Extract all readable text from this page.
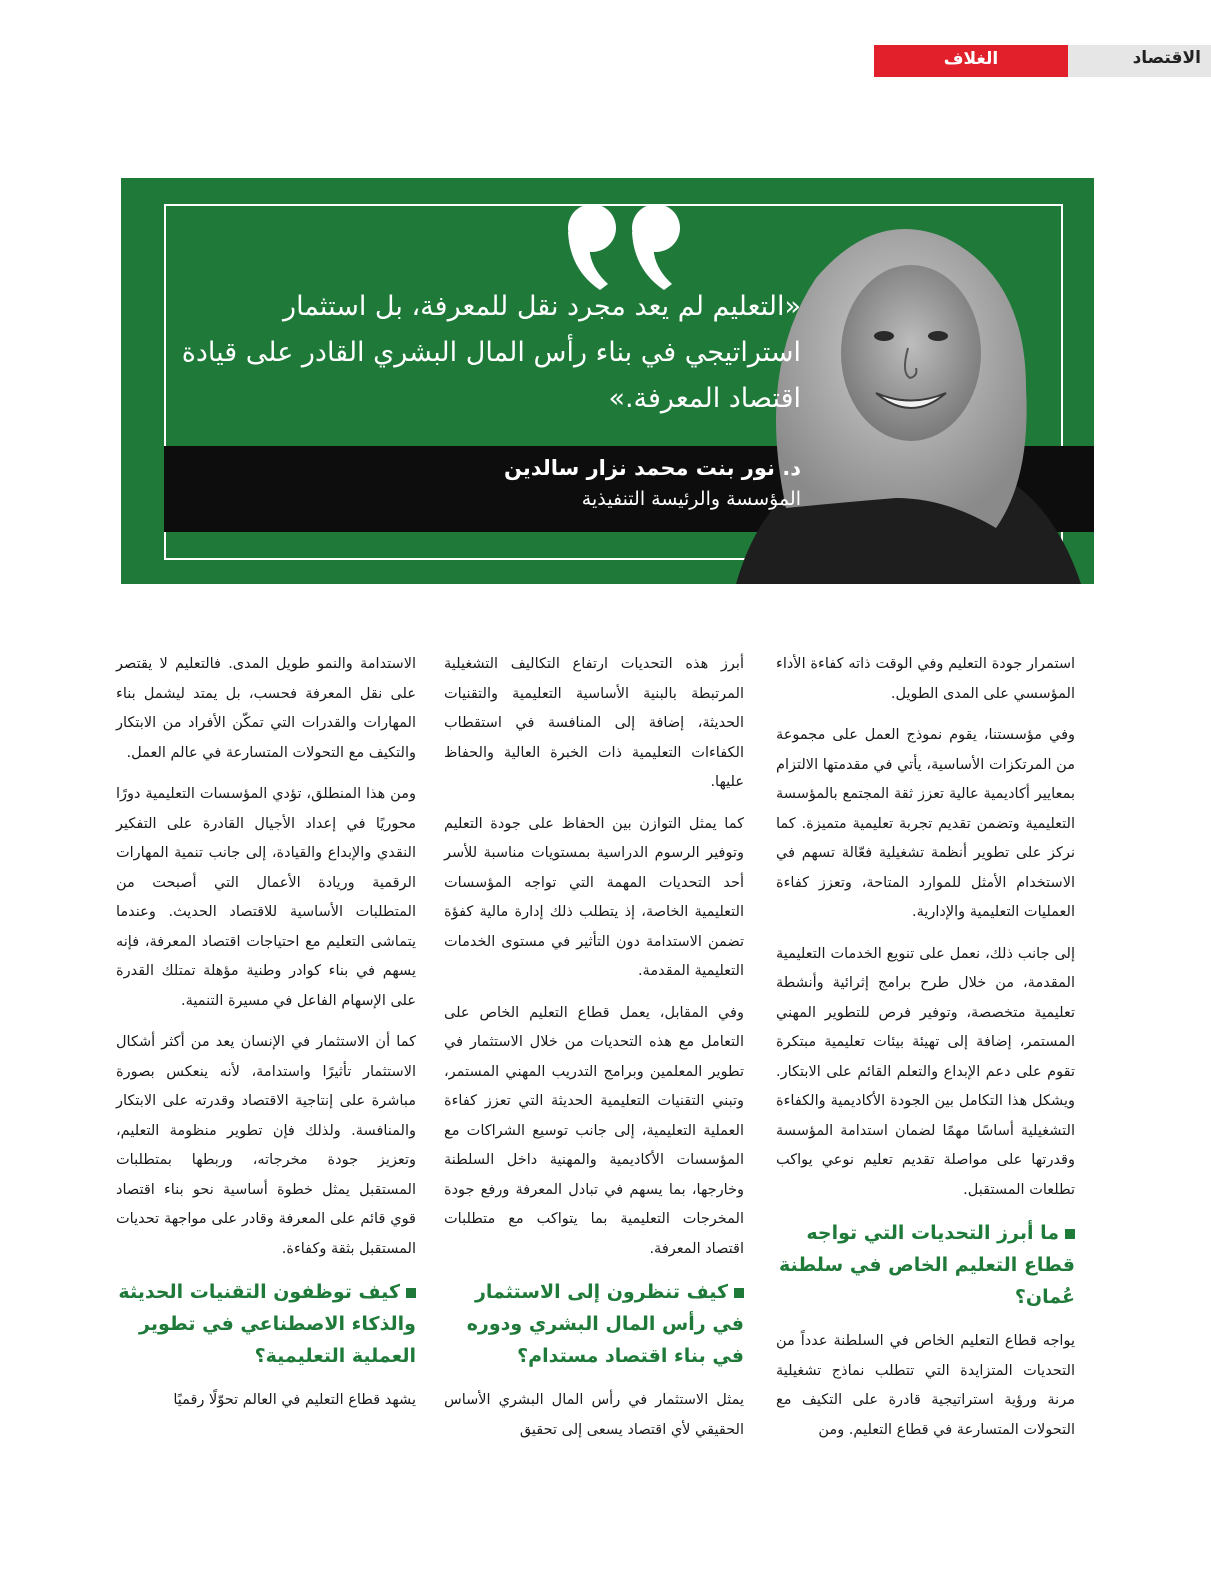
الغلاف	الاقتصاد
«التعليم لم يعد مجرد نقل للمعرفة، بل استثمار استراتيجي في بناء رأس المال البشري القادر على قيادة اقتصاد المعرفة.»
د. نور بنت محمد نزار سالدين
المؤسسة والرئيسة التنفيذية

استمرار جودة التعليم وفي الوقت ذاته كفاءة الأداء المؤسسي على المدى الطويل.

وفي مؤسستنا، يقوم نموذج العمل على مجموعة من المرتكزات الأساسية، يأتي في مقدمتها الالتزام بمعايير أكاديمية عالية تعزز ثقة المجتمع بالمؤسسة التعليمية وتضمن تقديم تجربة تعليمية متميزة. كما نركز على تطوير أنظمة تشغيلية فعّالة تسهم في الاستخدام الأمثل للموارد المتاحة، وتعزز كفاءة العمليات التعليمية والإدارية.

إلى جانب ذلك، نعمل على تنويع الخدمات التعليمية المقدمة، من خلال طرح برامج إثرائية وأنشطة تعليمية متخصصة، وتوفير فرص للتطوير المهني المستمر، إضافة إلى تهيئة بيئات تعليمية مبتكرة تقوم على دعم الإبداع والتعلم القائم على الابتكار. ويشكل هذا التكامل بين الجودة الأكاديمية والكفاءة التشغيلية أساسًا مهمًا لضمان استدامة المؤسسة وقدرتها على مواصلة تقديم تعليم نوعي يواكب تطلعات المستقبل.

ما أبرز التحديات التي تواجه قطاع التعليم الخاص في سلطنة عُمان؟

يواجه قطاع التعليم الخاص في السلطنة عدداً من التحديات المتزايدة التي تتطلب نماذج تشغيلية مرنة ورؤية استراتيجية قادرة على التكيف مع التحولات المتسارعة في قطاع التعليم. ومن

أبرز هذه التحديات ارتفاع التكاليف التشغيلية المرتبطة بالبنية الأساسية التعليمية والتقنيات الحديثة، إضافة إلى المنافسة في استقطاب الكفاءات التعليمية ذات الخبرة العالية والحفاظ عليها.

كما يمثل التوازن بين الحفاظ على جودة التعليم وتوفير الرسوم الدراسية بمستويات مناسبة للأسر أحد التحديات المهمة التي تواجه المؤسسات التعليمية الخاصة، إذ يتطلب ذلك إدارة مالية كفؤة تضمن الاستدامة دون التأثير في مستوى الخدمات التعليمية المقدمة.

وفي المقابل، يعمل قطاع التعليم الخاص على التعامل مع هذه التحديات من خلال الاستثمار في تطوير المعلمين وبرامج التدريب المهني المستمر، وتبني التقنيات التعليمية الحديثة التي تعزز كفاءة العملية التعليمية، إلى جانب توسيع الشراكات مع المؤسسات الأكاديمية والمهنية داخل السلطنة وخارجها، بما يسهم في تبادل المعرفة ورفع جودة المخرجات التعليمية بما يتواكب مع متطلبات اقتصاد المعرفة.

كيف تنظرون إلى الاستثمار في رأس المال البشري ودوره في بناء اقتصاد مستدام؟

يمثل الاستثمار في رأس المال البشري الأساس الحقيقي لأي اقتصاد يسعى إلى تحقيق

الاستدامة والنمو طويل المدى. فالتعليم لا يقتصر على نقل المعرفة فحسب، بل يمتد ليشمل بناء المهارات والقدرات التي تمكّن الأفراد من الابتكار والتكيف مع التحولات المتسارعة في عالم العمل.

ومن هذا المنطلق، تؤدي المؤسسات التعليمية دورًا محوريًا في إعداد الأجيال القادرة على التفكير النقدي والإبداع والقيادة، إلى جانب تنمية المهارات الرقمية وريادة الأعمال التي أصبحت من المتطلبات الأساسية للاقتصاد الحديث. وعندما يتماشى التعليم مع احتياجات اقتصاد المعرفة، فإنه يسهم في بناء كوادر وطنية مؤهلة تمتلك القدرة على الإسهام الفاعل في مسيرة التنمية.

كما أن الاستثمار في الإنسان يعد من أكثر أشكال الاستثمار تأثيرًا واستدامة، لأنه ينعكس بصورة مباشرة على إنتاجية الاقتصاد وقدرته على الابتكار والمنافسة. ولذلك فإن تطوير منظومة التعليم، وتعزيز جودة مخرجاته، وربطها بمتطلبات المستقبل يمثل خطوة أساسية نحو بناء اقتصاد قوي قائم على المعرفة وقادر على مواجهة تحديات المستقبل بثقة وكفاءة.

كيف توظفون التقنيات الحديثة والذكاء الاصطناعي في تطوير العملية التعليمية؟

يشهد قطاع التعليم في العالم تحوّلًا رقميًا
